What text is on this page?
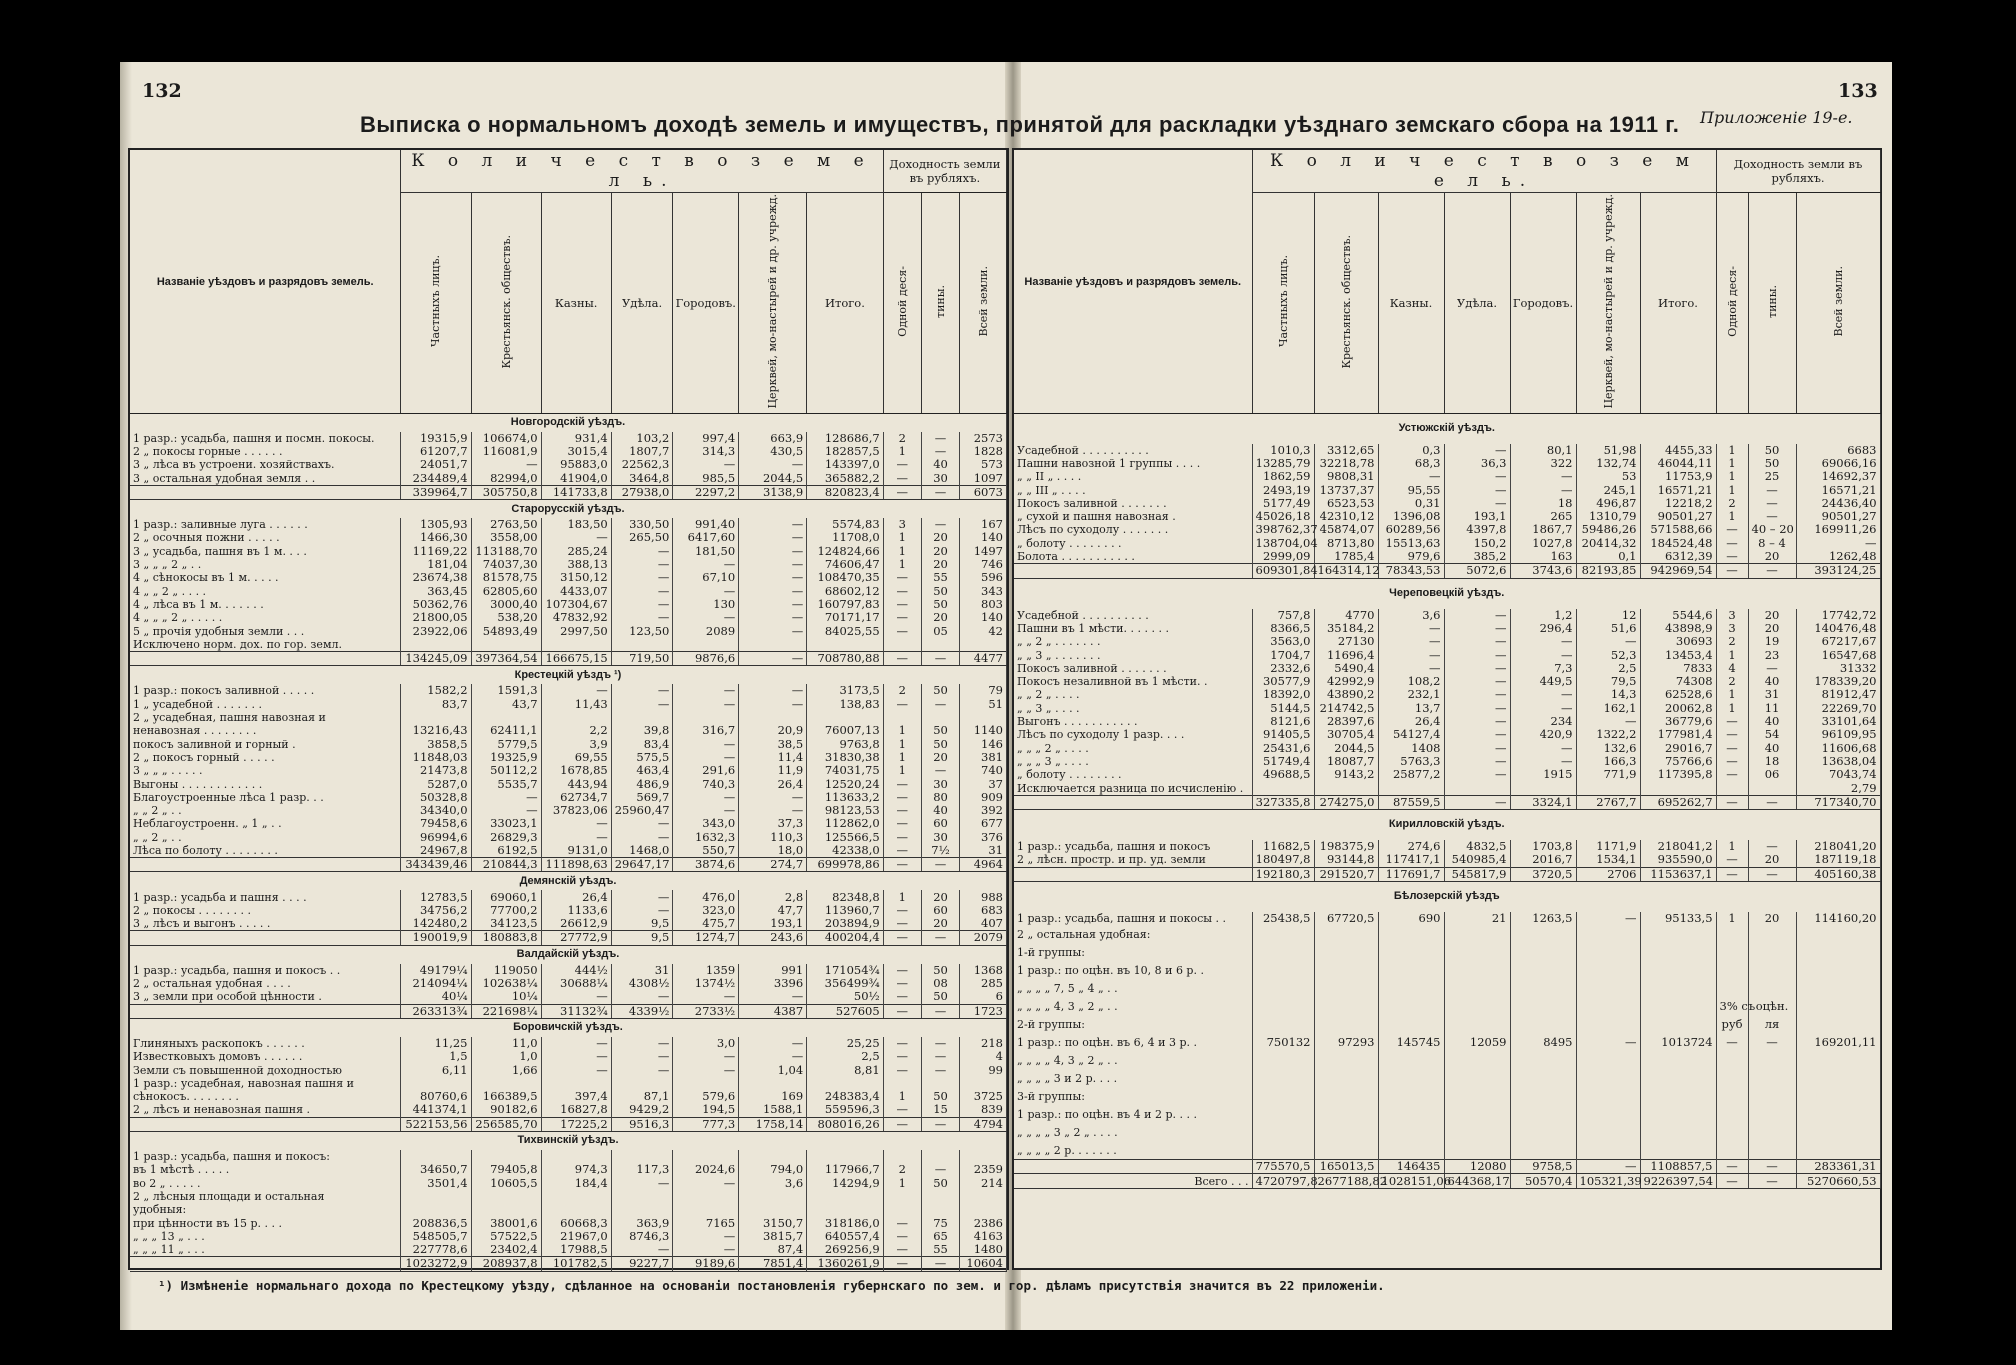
132	133
Выписка о нормальномъ доходѣ земель и имуществъ, принятой для раскладки уѣзднаго земскаго сбора на 1911 г. Приложеніе 19-е.
Названіе уѣздовъ и разрядовъ земель.	К о л и ч е с т в о з е м е л ь.							Доходность земли въ рубляхъ.		
	Частныхъ лицъ.	Крестьянск. обществъ.	Казны.	Удѣла.	Городовъ.	Церквей, мо-настырей и др. учрежд.	Итого.	Одной деся-	тины.	Всей земли.
Новгородскій уѣздъ.										
1 разр.: усадьба, пашня и посмн. покосы.	19315,9	106674,0	931,4	103,2	997,4	663,9	128686,7	2	—	2573
2 „ покосы горные . . . . . .	61207,7	116081,9	3015,4	1807,7	314,3	430,5	182857,5	1	—	1828
3 „ лѣса въ устроени. хозяйствахъ.	24051,7	—	95883,0	22562,3	—	—	143397,0	—	40	573
3 „ остальная удобная земля . .	234489,4	82994,0	41904,0	3464,8	985,5	2044,5	365882,2	—	30	1097
	339964,7	305750,8	141733,8	27938,0	2297,2	3138,9	820823,4	—	—	6073
Старорусскій уѣздъ.										
1 разр.: заливные луга . . . . . .	1305,93	2763,50	183,50	330,50	991,40	—	5574,83	3	—	167
2 „ осочныя пожни . . . . .	1466,30	3558,00	—	265,50	6417,60	—	11708,0	1	20	140
3 „ усадьба, пашня въ 1 м. . . .	11169,22	113188,70	285,24	—	181,50	—	124824,66	1	20	1497
3 „ „ „ 2 „ . .	181,04	74037,30	388,13	—	—	—	74606,47	1	20	746
4 „ сѣнокосы въ 1 м. . . . .	23674,38	81578,75	3150,12	—	67,10	—	108470,35	—	55	596
4 „ „ 2 „ . . . .	363,45	62805,60	4433,07	—	—	—	68602,12	—	50	343
4 „ лѣса въ 1 м. . . . . . .	50362,76	3000,40	107304,67	—	130	—	160797,83	—	50	803
4 „ „ „ 2 „ . . . . .	21800,05	538,20	47832,92	—	—	—	70171,17	—	20	140
5 „ прочія удобныя земли . . .	23922,06	54893,49	2997,50	123,50	2089	—	84025,55	—	05	42
Исключено норм. дох. по гор. земл.										
	134245,09	397364,54	166675,15	719,50	9876,6	—	708780,88	—	—	4477
Крестецкій уѣздъ ¹)										
1 разр.: покосъ заливной . . . . .	1582,2	1591,3	—	—	—	—	3173,5	2	50	79
1 „ усадебной . . . . . . .	83,7	43,7	11,43	—	—	—	138,83	—	—	51
2 „ усадебная, пашня навозная и										
ненавозная . . . . . . . .	13216,43	62411,1	2,2	39,8	316,7	20,9	76007,13	1	50	1140
покосъ заливной и горный .	3858,5	5779,5	3,9	83,4	—	38,5	9763,8	1	50	146
2 „ покосъ горный . . . . .	11848,03	19325,9	69,55	575,5	—	11,4	31830,38	1	20	381
3 „ „ „ . . . . .	21473,8	50112,2	1678,85	463,4	291,6	11,9	74031,75	1	—	740
Выгоны . . . . . . . . . . . .	5287,0	5535,7	443,94	486,9	740,3	26,4	12520,24	—	30	37
Благоустроенные лѣса 1 разр. . .	50328,8	—	62734,7	569,7	—	—	113633,2	—	80	909
„ „ 2 „ . .	34340,0	—	37823,06	25960,47	—	—	98123,53	—	40	392
Неблагоустроенн. „ 1 „ . .	79458,6	33023,1	—	—	343,0	37,3	112862,0	—	60	677
„ „ 2 „ . .	96994,6	26829,3	—	—	1632,3	110,3	125566,5	—	30	376
Лѣса по болоту . . . . . . . .	24967,8	6192,5	9131,0	1468,0	550,7	18,0	42338,0	—	7½	31
	343439,46	210844,3	111898,63	29647,17	3874,6	274,7	699978,86	—	—	4964
Демянскій уѣздъ.										
1 разр.: усадьба и пашня . . . .	12783,5	69060,1	26,4	—	476,0	2,8	82348,8	1	20	988
2 „ покосы . . . . . . . .	34756,2	77700,2	1133,6	—	323,0	47,7	113960,7	—	60	683
3 „ лѣсъ и выгонъ . . . . .	142480,2	34123,5	26612,9	9,5	475,7	193,1	203894,9	—	20	407
	190019,9	180883,8	27772,9	9,5	1274,7	243,6	400204,4	—	—	2079
Валдайскій уѣздъ.										
1 разр.: усадьба, пашня и покосъ . .	49179¼	119050	444½	31	1359	991	171054¾	—	50	1368
2 „ остальная удобная . . . .	214094¼	102638¼	30688¼	4308½	1374½	3396	356499¾	—	08	285
3 „ земли при особой цѣнности .	40¼	10¼	—	—	—	—	50½	—	50	6
	263313¾	221698¼	31132¾	4339½	2733½	4387	527605	—	—	1723
Боровичскій уѣздъ.										
Глиняныхъ раскопокъ . . . . . .	11,25	11,0	—	—	3,0	—	25,25	—	—	218
Известковыхъ домовъ . . . . . .	1,5	1,0	—	—	—	—	2,5	—	—	4
Земли съ повышенной доходностью	6,11	1,66	—	—	—	1,04	8,81	—	—	99
1 разр.: усадебная, навозная пашня и										
сѣнокосъ. . . . . . . .	80760,6	166389,5	397,4	87,1	579,6	169	248383,4	1	50	3725
2 „ лѣсъ и ненавозная пашня .	441374,1	90182,6	16827,8	9429,2	194,5	1588,1	559596,3	—	15	839
	522153,56	256585,70	17225,2	9516,3	777,3	1758,14	808016,26	—	—	4794
Тихвинскій уѣздъ.										
1 разр.: усадьба, пашня и покосъ:										
въ 1 мѣстѣ . . . . .	34650,7	79405,8	974,3	117,3	2024,6	794,0	117966,7	2	—	2359
во 2 „ . . . . .	3501,4	10605,5	184,4	—	—	3,6	14294,9	1	50	214
2 „ лѣсныя площади и остальная										
удобныя:										
при цѣнности въ 15 р. . . .	208836,5	38001,6	60668,3	363,9	7165	3150,7	318186,0	—	75	2386
„ „ „ 13 „ . . .	548505,7	57522,5	21967,0	8746,3	—	3815,7	640557,4	—	65	4163
„ „ „ 11 „ . . .	227778,6	23402,4	17988,5	—	—	87,4	269256,9	—	55	1480
	1023272,9	208937,8	101782,5	9227,7	9189,6	7851,4	1360261,9	—	—	10604
Названіе уѣздовъ и разрядовъ земель.	К о л и ч е с т в о з е м е л ь.							Доходность земли въ рубляхъ.		
	Частныхъ лицъ.	Крестьянск. обществъ.	Казны.	Удѣла.	Городовъ.	Церквей, мо-настырей и др. учрежд.	Итого.	Одной деся-	тины.	Всей земли.
Устюжскій уѣздъ.										
Усадебной . . . . . . . . . .	1010,3	3312,65	0,3	—	80,1	51,98	4455,33	1	50	6683
Пашни навозной 1 группы . . . .	13285,79	32218,78	68,3	36,3	322	132,74	46044,11	1	50	69066,16
„ „ II „ . . . .	1862,59	9808,31	—	—	—	53	11753,9	1	25	14692,37
„ „ III „ . . . .	2493,19	13737,37	95,55	—	—	245,1	16571,21	1	—	16571,21
Покосъ заливной . . . . . . .	5177,49	6523,53	0,31	—	18	496,87	12218,2	2	—	24436,40
„ сухой и пашня навозная .	45026,18	42310,12	1396,08	193,1	265	1310,79	90501,27	1	—	90501,27
Лѣсъ по суходолу . . . . . . .	398762,37	45874,07	60289,56	4397,8	1867,7	59486,26	571588,66	—	40 – 20	169911,26
„ болоту . . . . . . . .	138704,04	8713,80	15513,63	150,2	1027,8	20414,32	184524,48	—	8 – 4	—
Болота . . . . . . . . . . .	2999,09	1785,4	979,6	385,2	163	0,1	6312,39	—	20	1262,48
	609301,84	164314,12	78343,53	5072,6	3743,6	82193,85	942969,54	—	—	393124,25
Череповецкій уѣздъ.										
Усадебной . . . . . . . . . .	757,8	4770	3,6	—	1,2	12	5544,6	3	20	17742,72
Пашни въ 1 мѣсти. . . . . . .	8366,5	35184,2	—	—	296,4	51,6	43898,9	3	20	140476,48
„ „ 2 „ . . . . . . .	3563,0	27130	—	—	—	—	30693	2	19	67217,67
„ „ 3 „ . . . . . . .	1704,7	11696,4	—	—	—	52,3	13453,4	1	23	16547,68
Покосъ заливной . . . . . . .	2332,6	5490,4	—	—	7,3	2,5	7833	4	—	31332
Покосъ незаливной въ 1 мѣсти. .	30577,9	42992,9	108,2	—	449,5	79,5	74308	2	40	178339,20
„ „ 2 „ . . . .	18392,0	43890,2	232,1	—	—	14,3	62528,6	1	31	81912,47
„ „ 3 „ . . . .	5144,5	214742,5	13,7	—	—	162,1	20062,8	1	11	22269,70
Выгонъ . . . . . . . . . . .	8121,6	28397,6	26,4	—	234	—	36779,6	—	40	33101,64
Лѣсъ по суходолу 1 разр. . . .	91405,5	30705,4	54127,4	—	420,9	1322,2	177981,4	—	54	96109,95
„ „ „ 2 „ . . . .	25431,6	2044,5	1408	—	—	132,6	29016,7	—	40	11606,68
„ „ „ 3 „ . . . .	51749,4	18087,7	5763,3	—	—	166,3	75766,6	—	18	13638,04
„ болоту . . . . . . . .	49688,5	9143,2	25877,2	—	1915	771,9	117395,8	—	06	7043,74
Исключается разница по исчисленію .										2,79
	327335,8	274275,0	87559,5	—	3324,1	2767,7	695262,7	—	—	717340,70
Кирилловскій уѣздъ.										
1 разр.: усадьба, пашня и покосъ	11682,5	198375,9	274,6	4832,5	1703,8	1171,9	218041,2	1	—	218041,20
2 „ лѣсн. простр. и пр. уд. земли	180497,8	93144,8	117417,1	540985,4	2016,7	1534,1	935590,0	—	20	187119,18
	192180,3	291520,7	117691,7	545817,9	3720,5	2706	1153637,1	—	—	405160,38
Бѣлозерскій уѣздъ										
1 разр.: усадьба, пашня и покосы . .	25438,5	67720,5	690	21	1263,5	—	95133,5	1	20	114160,20
2 „ остальная удобная:										
1-й группы:										
1 разр.: по оцѣн. въ 10, 8 и 6 р. .										
„ „ „ „ 7, 5 „ 4 „ . .										
„ „ „ „ 4, 3 „ 2 „ . .								3% съ	оцѣн.	
2-й группы:								руб	ля	
1 разр.: по оцѣн. въ 6, 4 и 3 р. .	750132	97293	145745	12059	8495	—	1013724	—	—	169201,11
„ „ „ „ 4, 3 „ 2 „ . .										
„ „ „ „ 3 и 2 р. . . .										
3-й группы:										
1 разр.: по оцѣн. въ 4 и 2 р. . . .										
„ „ „ „ 3 „ 2 „ . . . .										
„ „ „ „ 2 р. . . . . . .										
	775570,5	165013,5	146435	12080	9758,5	—	1108857,5	—	—	283361,31
Всего . . .	4720797,8	2677188,82	1028151,06	644368,17	50570,4	105321,39	9226397,54	—	—	5270660,53
¹) Измѣненіе нормальнаго дохода по Крестецкому уѣзду, сдѣланное на основаніи постановленія губернскаго по зем. и гор. дѣламъ присутствія значится въ 22 приложеніи.
